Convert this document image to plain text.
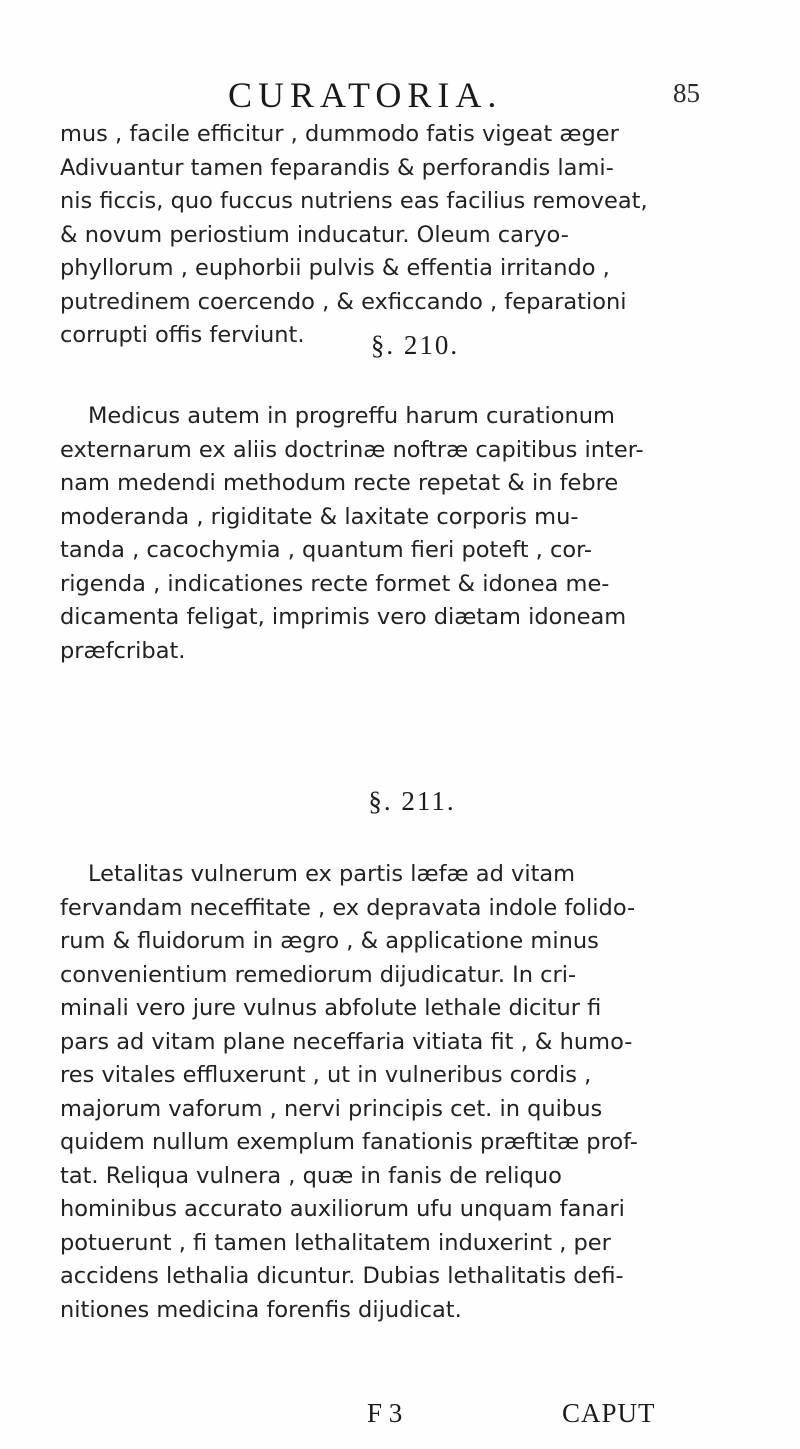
CURATORIA.	85
mus , facile efficitur , dummodo fatis vigeat æger
Adivuantur tamen feparandis & perforandis lami-
nis ficcis, quo fuccus nutriens eas facilius removeat,
& novum periostium inducatur. Oleum caryo-
phyllorum , euphorbii pulvis & effentia irritando ,
putredinem coercendo , & exficcando , feparationi
corrupti offis ferviunt.	§. 210.
Medicus autem in progreffu harum curationum
externarum ex aliis doctrinæ noftræ capitibus inter-
nam medendi methodum recte repetat & in febre
moderanda , rigiditate & laxitate corporis mu-
tanda , cacochymia , quantum fieri poteft , cor-
rigenda , indicationes recte formet & idonea me-
dicamenta feligat, imprimis vero diætam idoneam
præfcribat.
§. 211.
Letalitas vulnerum ex partis læfæ ad vitam
fervandam neceffitate , ex depravata indole folido-
rum & fluidorum in ægro , & applicatione minus
convenientium remediorum dijudicatur. In cri-
minali vero jure vulnus abfolute lethale dicitur fi
pars ad vitam plane neceffaria vitiata fit , & humo-
res vitales effluxerunt , ut in vulneribus cordis ,
majorum vaforum , nervi principis cet. in quibus
quidem nullum exemplum fanationis præftitæ prof-
tat. Reliqua vulnera , quæ in fanis de reliquo
hominibus accurato auxiliorum ufu unquam fanari
potuerunt , fi tamen lethalitatem induxerint , per
accidens lethalia dicuntur. Dubias lethalitatis defi-
nitiones medicina forenfis dijudicat.
F 3	CAPUT
